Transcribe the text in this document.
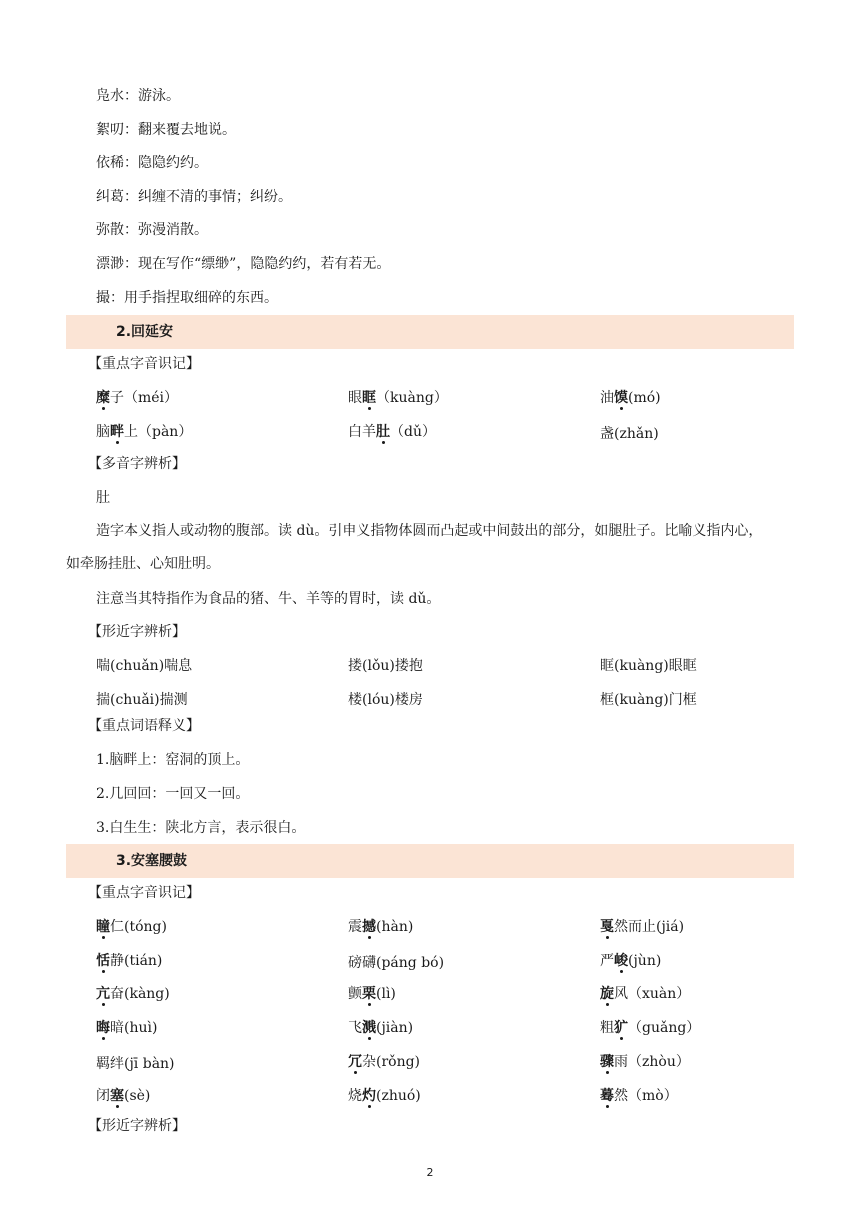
凫水：游泳。
絮叨：翻来覆去地说。
依稀：隐隐约约。
纠葛：纠缠不清的事情；纠纷。
弥散：弥漫消散。
漂渺：现在写作“缥缈”，隐隐约约，若有若无。
撮：用手指捏取细碎的东西。
2.回延安
【重点字音识记】
糜子（méi）	眼眶（kuàng）	油馍(mó)
脑畔上（pàn）	白羊肚（dǔ）	盏(zhǎn)
【多音字辨析】
肚
造字本义指人或动物的腹部。读 dù。引申义指物体圆而凸起或中间鼓出的部分，如腿肚子。比喻义指内心，
如牵肠挂肚、心知肚明。
注意当其特指作为食品的猪、牛、羊等的胃时，读 dǔ。
【形近字辨析】
喘(chuǎn)喘息	搂(lǒu)搂抱	眶(kuàng)眼眶
揣(chuǎi)揣测	楼(lóu)楼房	框(kuàng)门框
【重点词语释义】
1.脑畔上：窑洞的顶上。
2.几回回：一回又一回。
3.白生生：陕北方言，表示很白。
3.安塞腰鼓
【重点字音识记】
瞳仁(tóng)	震撼(hàn)	戛然而止(jiá)
恬静(tián)	磅礴(páng bó)	严峻(jùn)
亢奋(kàng)	颤栗(lì)	旋风（xuàn）
晦暗(huì)	飞溅(jiàn)	粗犷（guǎng）
羁绊(jī bàn)	冗杂(rǒng)	骤雨（zhòu）
闭塞(sè)	烧灼(zhuó)	蓦然（mò）
【形近字辨析】
2
